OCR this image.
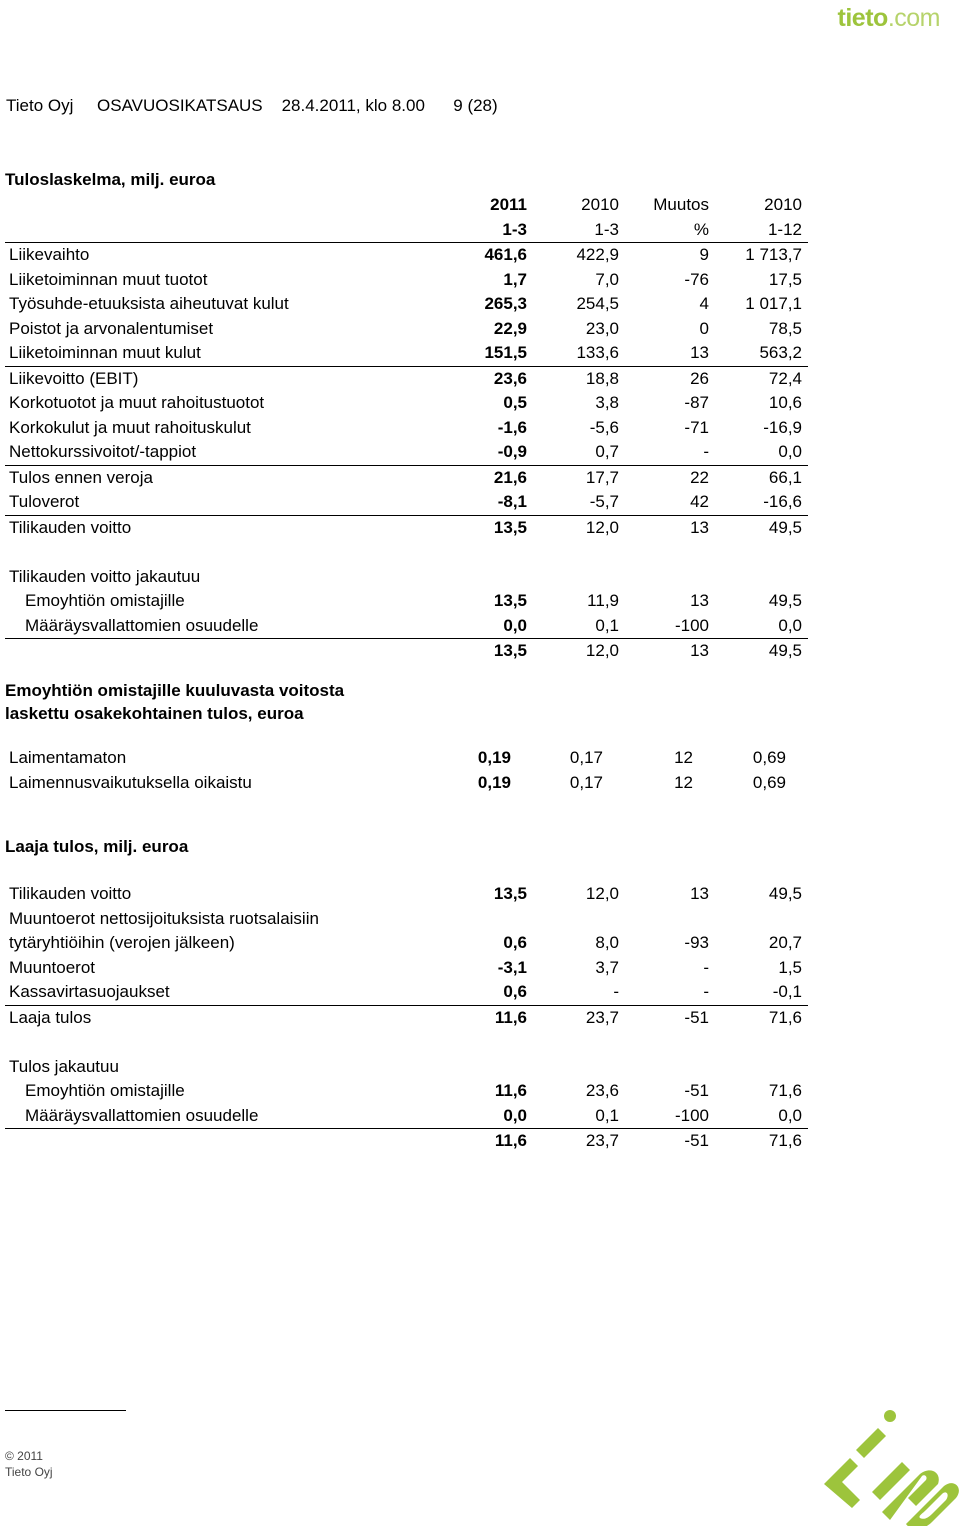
tieto.com
Tieto Oyj OSAVUOSIKATSAUS 28.4.2011, klo 8.00 9 (28)
Tuloslaskelma, milj. euroa
	2011	2010	Muutos	2010
	1-3	1-3	%	1-12
Liikevaihto	461,6	422,9	9	1 713,7
Liiketoiminnan muut tuotot	1,7	7,0	-76	17,5
Työsuhde-etuuksista aiheutuvat kulut	265,3	254,5	4	1 017,1
Poistot ja arvonalentumiset	22,9	23,0	0	78,5
Liiketoiminnan muut kulut	151,5	133,6	13	563,2
Liikevoitto (EBIT)	23,6	18,8	26	72,4
Korkotuotot ja muut rahoitustuotot	0,5	3,8	-87	10,6
Korkokulut ja muut rahoituskulut	-1,6	-5,6	-71	-16,9
Nettokurssivoitot/-tappiot	-0,9	0,7	-	0,0
Tulos ennen veroja	21,6	17,7	22	66,1
Tuloverot	-8,1	-5,7	42	-16,6
Tilikauden voitto	13,5	12,0	13	49,5

Tilikauden voitto jakautuu				
Emoyhtiön omistajille	13,5	11,9	13	49,5
Määräysvallattomien osuudelle	0,0	0,1	-100	0,0
	13,5	12,0	13	49,5
Emoyhtiön omistajille kuuluvasta voitosta
laskettu osakekohtainen tulos, euroa
Laimentamaton	0,19	0,17	12	0,69
Laimennusvaikutuksella oikaistu	0,19	0,17	12	0,69
Laaja tulos, milj. euroa
Tilikauden voitto	13,5	12,0	13	49,5
Muuntoerot nettosijoituksista ruotsalaisiin				
tytäryhtiöihin (verojen jälkeen)	0,6	8,0	-93	20,7
Muuntoerot	-3,1	3,7	-	1,5
Kassavirtasuojaukset	0,6	-	-	-0,1
Laaja tulos	11,6	23,7	-51	71,6

Tulos jakautuu				
Emoyhtiön omistajille	11,6	23,6	-51	71,6
Määräysvallattomien osuudelle	0,0	0,1	-100	0,0
	11,6	23,7	-51	71,6
© 2011
Tieto Oyj
